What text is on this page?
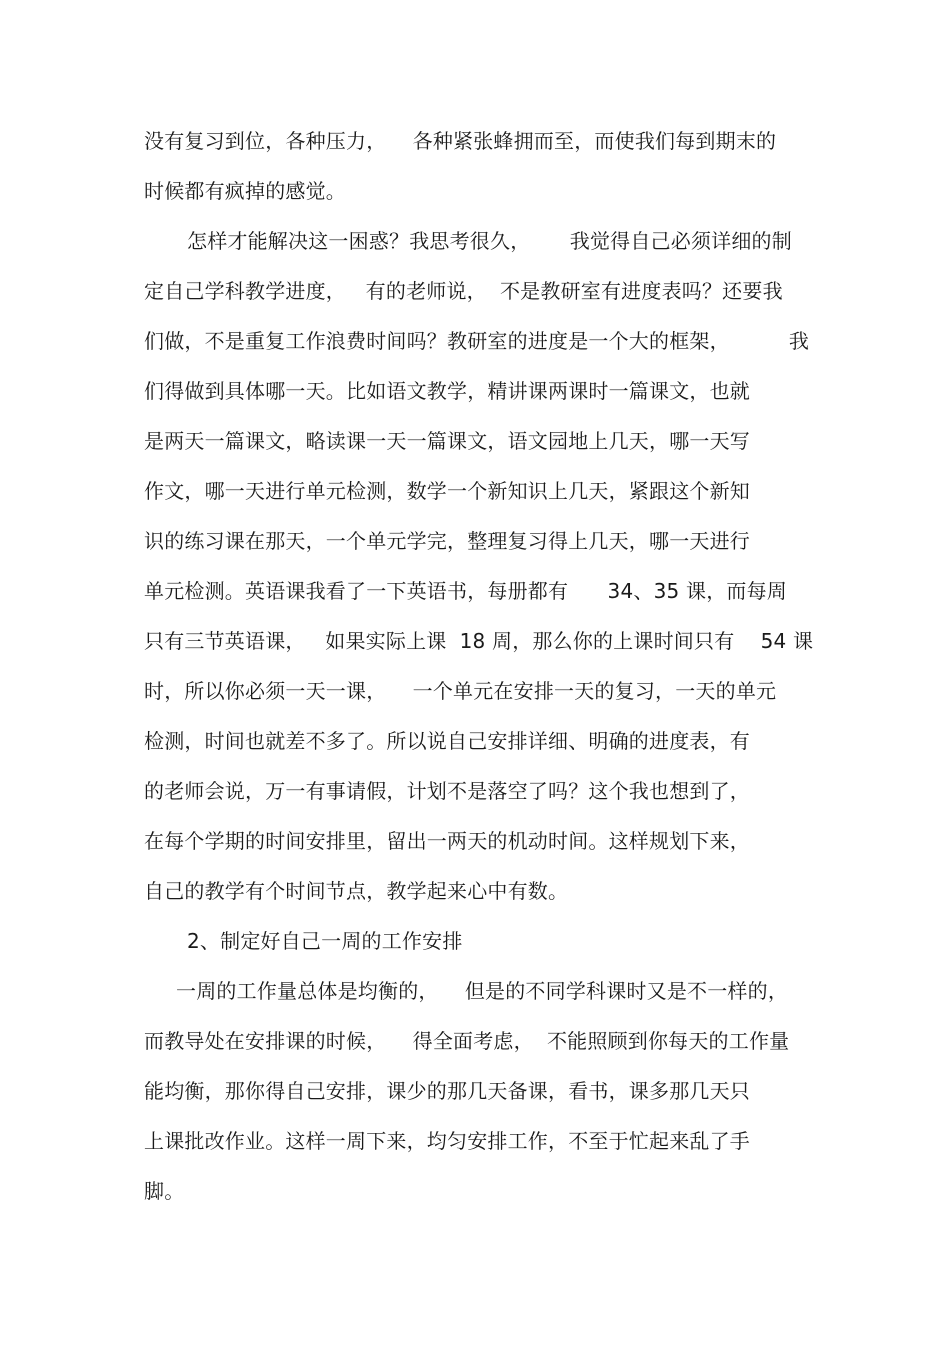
没有复习到位，各种压力，    各种紧张蜂拥而至，而使我们每到期末的
时候都有疯掉的感觉。
怎样才能解决这一困惑？我思考很久，      我觉得自己必须详细的制
定自己学科教学进度，   有的老师说，  不是教研室有进度表吗？还要我
们做，不是重复工作浪费时间吗？教研室的进度是一个大的框架，         我
们得做到具体哪一天。比如语文教学，精讲课两课时一篇课文，也就
是两天一篇课文，略读课一天一篇课文，语文园地上几天，哪一天写
作文，哪一天进行单元检测，数学一个新知识上几天，紧跟这个新知
识的练习课在那天，一个单元学完，整理复习得上几天，哪一天进行
单元检测。英语课我看了一下英语书，每册都有      34、35 课，而每周
只有三节英语课，   如果实际上课  18 周，那么你的上课时间只有    54 课
时，所以你必须一天一课，    一个单元在安排一天的复习，一天的单元
检测，时间也就差不多了。所以说自己安排详细、明确的进度表，有
的老师会说，万一有事请假，计划不是落空了吗？这个我也想到了，
在每个学期的时间安排里，留出一两天的机动时间。这样规划下来，
自己的教学有个时间节点，教学起来心中有数。
2、制定好自己一周的工作安排
一周的工作量总体是均衡的，    但是的不同学科课时又是不一样的，
而教导处在安排课的时候，    得全面考虑，  不能照顾到你每天的工作量
能均衡，那你得自己安排，课少的那几天备课，看书，课多那几天只
上课批改作业。这样一周下来，均匀安排工作，不至于忙起来乱了手
脚。
